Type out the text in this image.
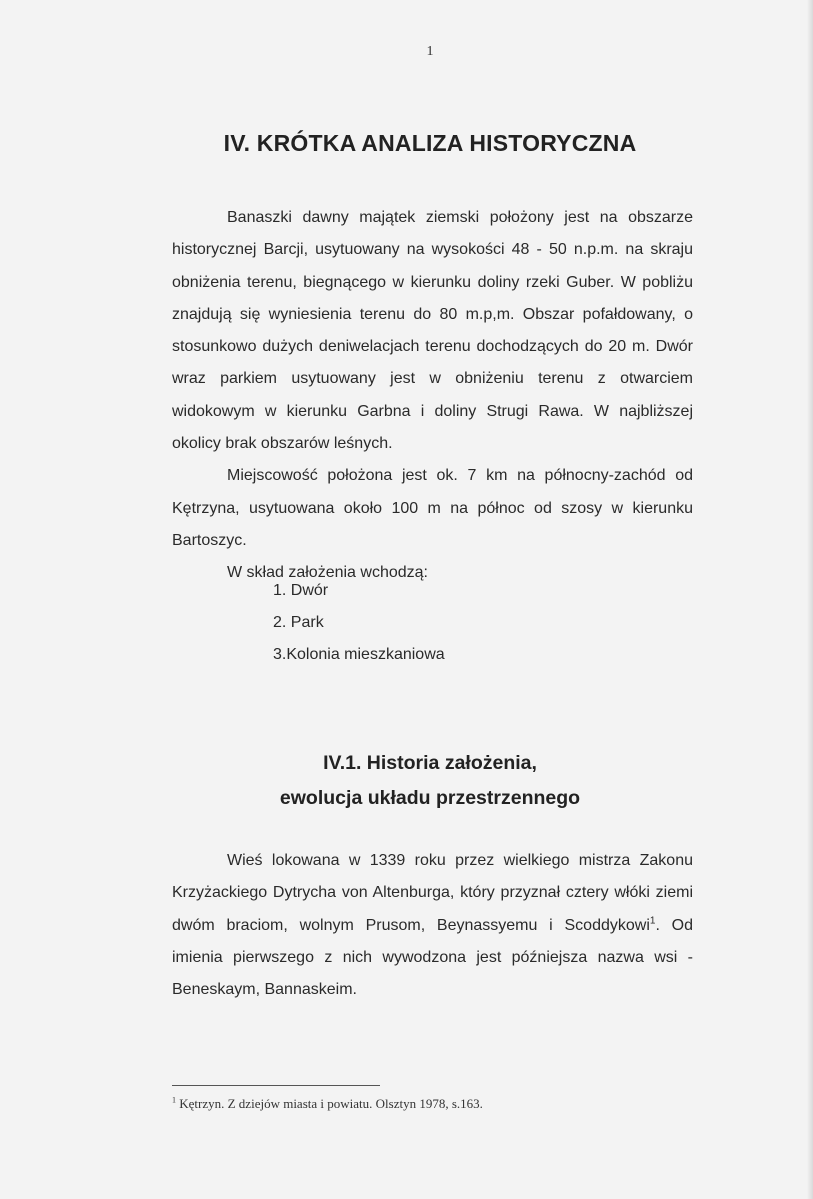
1
IV. KRÓTKA ANALIZA HISTORYCZNA

Banaszki dawny majątek ziemski położony jest na obszarze historycznej Barcji, usytuowany na wysokości 48 - 50 n.p.m. na skraju obniżenia terenu, biegnącego w kierunku doliny rzeki Guber. W pobliżu znajdują się wyniesienia terenu do 80 m.p,m. Obszar pofałdowany, o stosunkowo dużych deniwelacjach terenu dochodzących do 20 m. Dwór wraz parkiem usytuowany jest w obniżeniu terenu z otwarciem widokowym w kierunku Garbna i doliny Strugi Rawa. W najbliższej okolicy brak obszarów leśnych.

Miejscowość położona jest ok. 7 km na północny-zachód od Kętrzyna, usytuowana około 100 m na północ od szosy w kierunku Bartoszyc.

W skład założenia wchodzą:

1. Dwór
2. Park
3.Kolonia mieszkaniowa
IV.1. Historia założenia,
ewolucja układu przestrzennego

Wieś lokowana w 1339 roku przez wielkiego mistrza Zakonu Krzyżackiego Dytrycha von Altenburga, który przyznał cztery włóki ziemi dwóm braciom, wolnym Prusom, Beynassyemu i Scoddykowi$^1$. Od imienia pierwszego z nich wywodzona jest późniejsza nazwa wsi - Beneskaym, Bannaskeim.

$^1$ Kętrzyn. Z dziejów miasta i powiatu. Olsztyn 1978, s.163.
